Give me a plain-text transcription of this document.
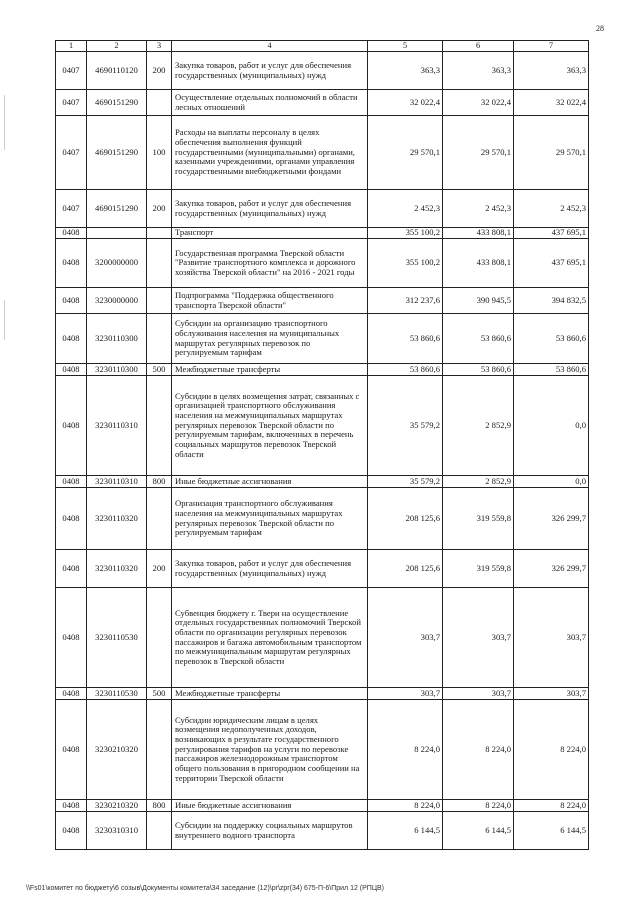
28
1	2	3	4	5	6	7
0407	4690110120	200	Закупка товаров, работ и услуг для обеспечения государственных (муниципальных) нужд	363,3	363,3	363,3
0407	4690151290		Осуществление отдельных полномочий в области лесных отношений	32 022,4	32 022,4	32 022,4
0407	4690151290	100	Расходы на выплаты персоналу в целях обеспечения выполнения функций государственными (муниципальными) органами, казенными учреждениями, органами управления государственными внебюджетными фондами	29 570,1	29 570,1	29 570,1
0407	4690151290	200	Закупка товаров, работ и услуг для обеспечения государственных (муниципальных) нужд	2 452,3	2 452,3	2 452,3
0408			Транспорт	355 100,2	433 808,1	437 695,1
0408	3200000000		Государственная программа Тверской области "Развитие транспортного комплекса и дорожного хозяйства Тверской области" на 2016 - 2021 годы	355 100,2	433 808,1	437 695,1
0408	3230000000		Подпрограмма "Поддержка общественного транспорта Тверской области"	312 237,6	390 945,5	394 832,5
0408	3230110300		Субсидии на организацию транспортного обслуживания населения на муниципальных маршрутах регулярных перевозок по регулируемым тарифам	53 860,6	53 860,6	53 860,6
0408	3230110300	500	Межбюджетные трансферты	53 860,6	53 860,6	53 860,6
0408	3230110310		Субсидии в целях возмещения затрат, связанных с организацией транспортного обслуживания населения на межмуниципальных маршрутах регулярных перевозок Тверской области по регулируемым тарифам, включенных в перечень социальных маршрутов перевозок Тверской области	35 579,2	2 852,9	0,0
0408	3230110310	800	Иные бюджетные ассигнования	35 579,2	2 852,9	0,0
0408	3230110320		Организация транспортного обслуживания населения на межмуниципальных маршрутах регулярных перевозок Тверской области по регулируемым тарифам	208 125,6	319 559,8	326 299,7
0408	3230110320	200	Закупка товаров, работ и услуг для обеспечения государственных (муниципальных) нужд	208 125,6	319 559,8	326 299,7
0408	3230110530		Субвенция бюджету г. Твери на осуществление отдельных государственных полномочий Тверской области по организации регулярных перевозок пассажиров и багажа автомобильным транспортом по межмуниципальным маршрутам регулярных перевозок в Тверской области	303,7	303,7	303,7
0408	3230110530	500	Межбюджетные трансферты	303,7	303,7	303,7
0408	3230210320		Субсидии юридическим лицам в целях возмещения недополученных доходов, возникающих в результате государственного регулирования тарифов на услуги по перевозке пассажиров железнодорожным транспортом общего пользования в пригородном сообщении на территории Тверской области	8 224,0	8 224,0	8 224,0
0408	3230210320	800	Иные бюджетные ассигнования	8 224,0	8 224,0	8 224,0
0408	3230310310		Субсидии на поддержку социальных маршрутов внутреннего водного транспорта	6 144,5	6 144,5	6 144,5
\\Fs01\комитет по бюджету\6 созыв\Документы комитета\34 заседание (12)\pr\zpr(34) 675-П-6\Прил 12 (РПЦВ)
